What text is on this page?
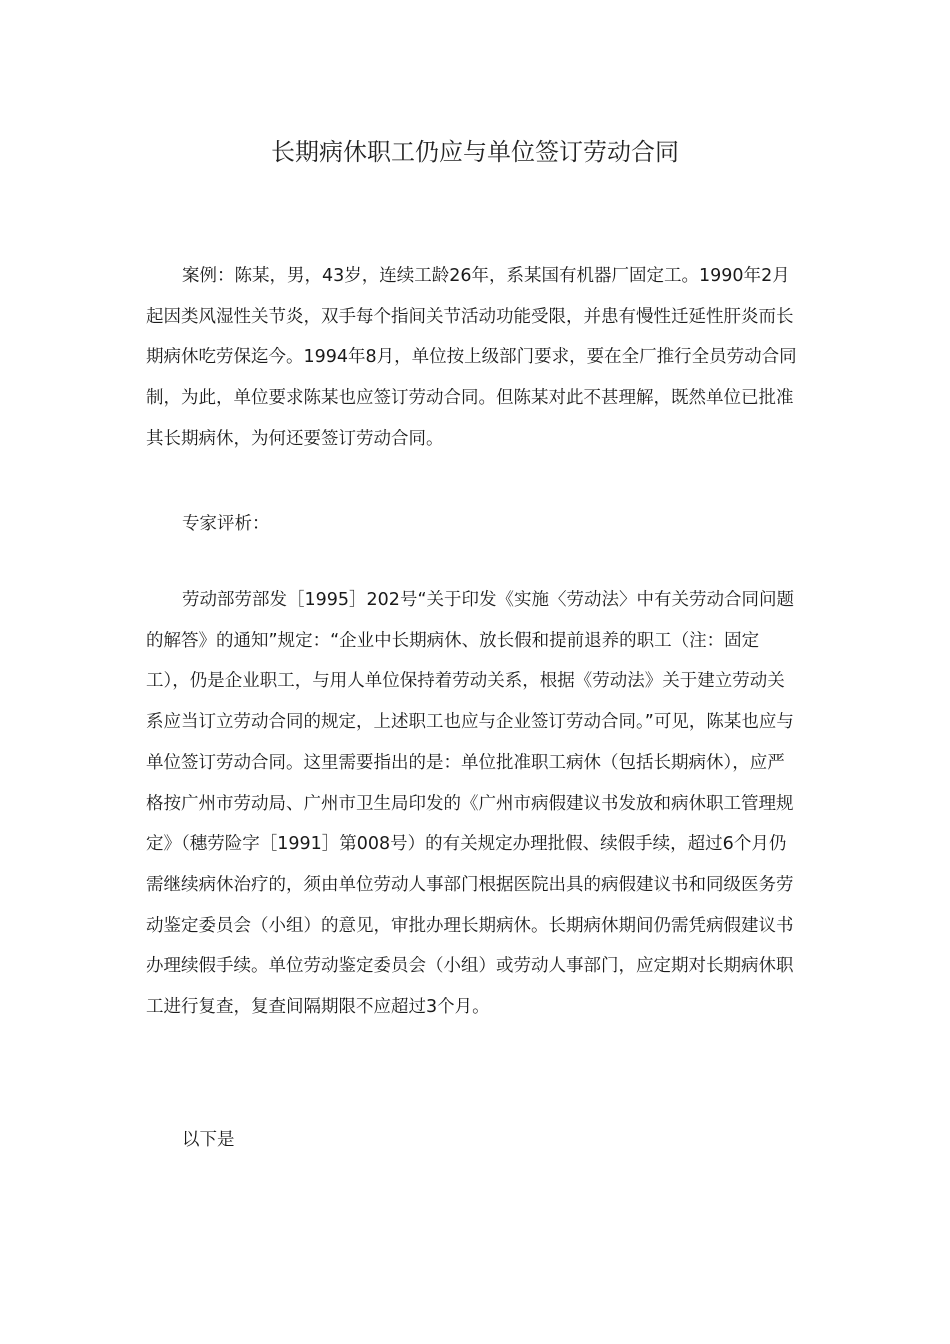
长期病休职工仍应与单位签订劳动合同

案例：陈某，男，43岁，连续工龄26年，系某国有机器厂固定工。1990年2月起因类风湿性关节炎，双手每个指间关节活动功能受限，并患有慢性迁延性肝炎而长期病休吃劳保迄今。1994年8月，单位按上级部门要求，要在全厂推行全员劳动合同制，为此，单位要求陈某也应签订劳动合同。但陈某对此不甚理解，既然单位已批准其长期病休，为何还要签订劳动合同。

专家评析：

劳动部劳部发［1995］202号“关于印发《实施〈劳动法〉中有关劳动合同问题的解答》的通知”规定：“企业中长期病休、放长假和提前退养的职工（注：固定工），仍是企业职工，与用人单位保持着劳动关系，根据《劳动法》关于建立劳动关系应当订立劳动合同的规定，上述职工也应与企业签订劳动合同。”可见，陈某也应与单位签订劳动合同。这里需要指出的是：单位批准职工病休（包括长期病休），应严格按广州市劳动局、广州市卫生局印发的《广州市病假建议书发放和病休职工管理规定》（穗劳险字［1991］第008号）的有关规定办理批假、续假手续，超过6个月仍需继续病休治疗的，须由单位劳动人事部门根据医院出具的病假建议书和同级医务劳动鉴定委员会（小组）的意见，审批办理长期病休。长期病休期间仍需凭病假建议书办理续假手续。单位劳动鉴定委员会（小组）或劳动人事部门，应定期对长期病休职工进行复查，复查间隔期限不应超过3个月。

以下是
